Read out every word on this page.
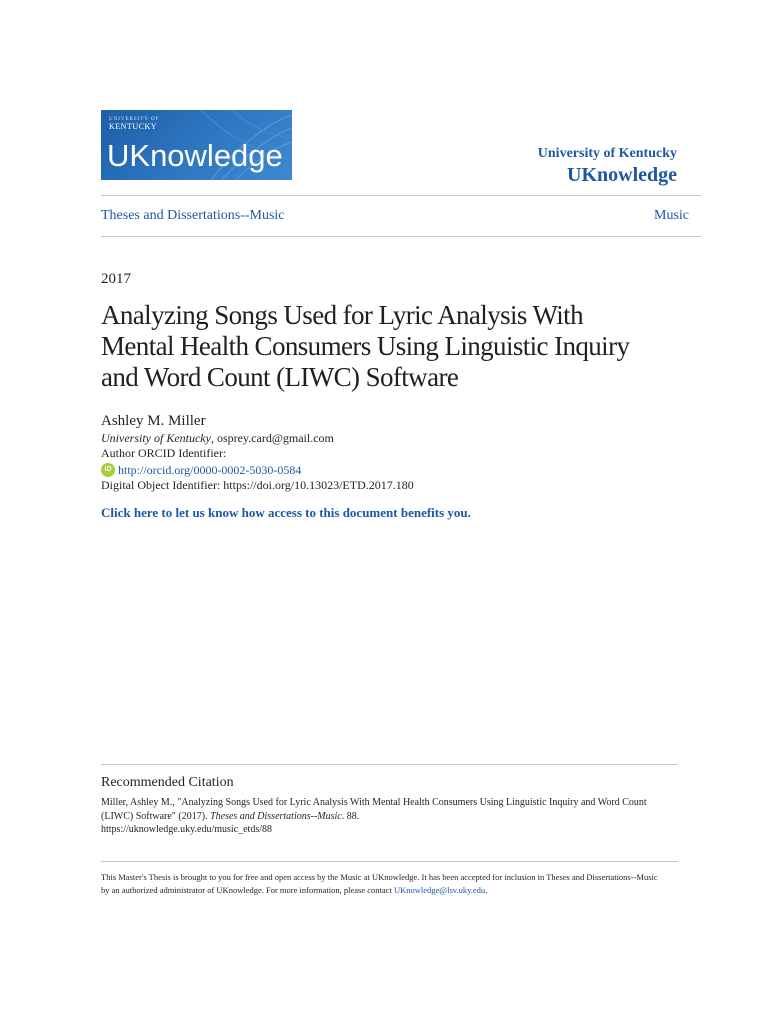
UNIVERSITY OF
KENTUCKY
UKnowledge	University of Kentucky
UKnowledge
Theses and Dissertations--Music	Music
2017
Analyzing Songs Used for Lyric Analysis With Mental Health Consumers Using Linguistic Inquiry and Word Count (LIWC) Software
Ashley M. Miller
University of Kentucky, osprey.card@gmail.com
Author ORCID Identifier:
iD http://orcid.org/0000-0002-5030-0584
Digital Object Identifier: https://doi.org/10.13023/ETD.2017.180
Click here to let us know how access to this document benefits you.
Recommended Citation
Miller, Ashley M., "Analyzing Songs Used for Lyric Analysis With Mental Health Consumers Using Linguistic Inquiry and Word Count (LIWC) Software" (2017). Theses and Dissertations--Music. 88.
https://uknowledge.uky.edu/music_etds/88
This Master's Thesis is brought to you for free and open access by the Music at UKnowledge. It has been accepted for inclusion in Theses and Dissertations--Music by an authorized administrator of UKnowledge. For more information, please contact UKnowledge@lsv.uky.edu.
